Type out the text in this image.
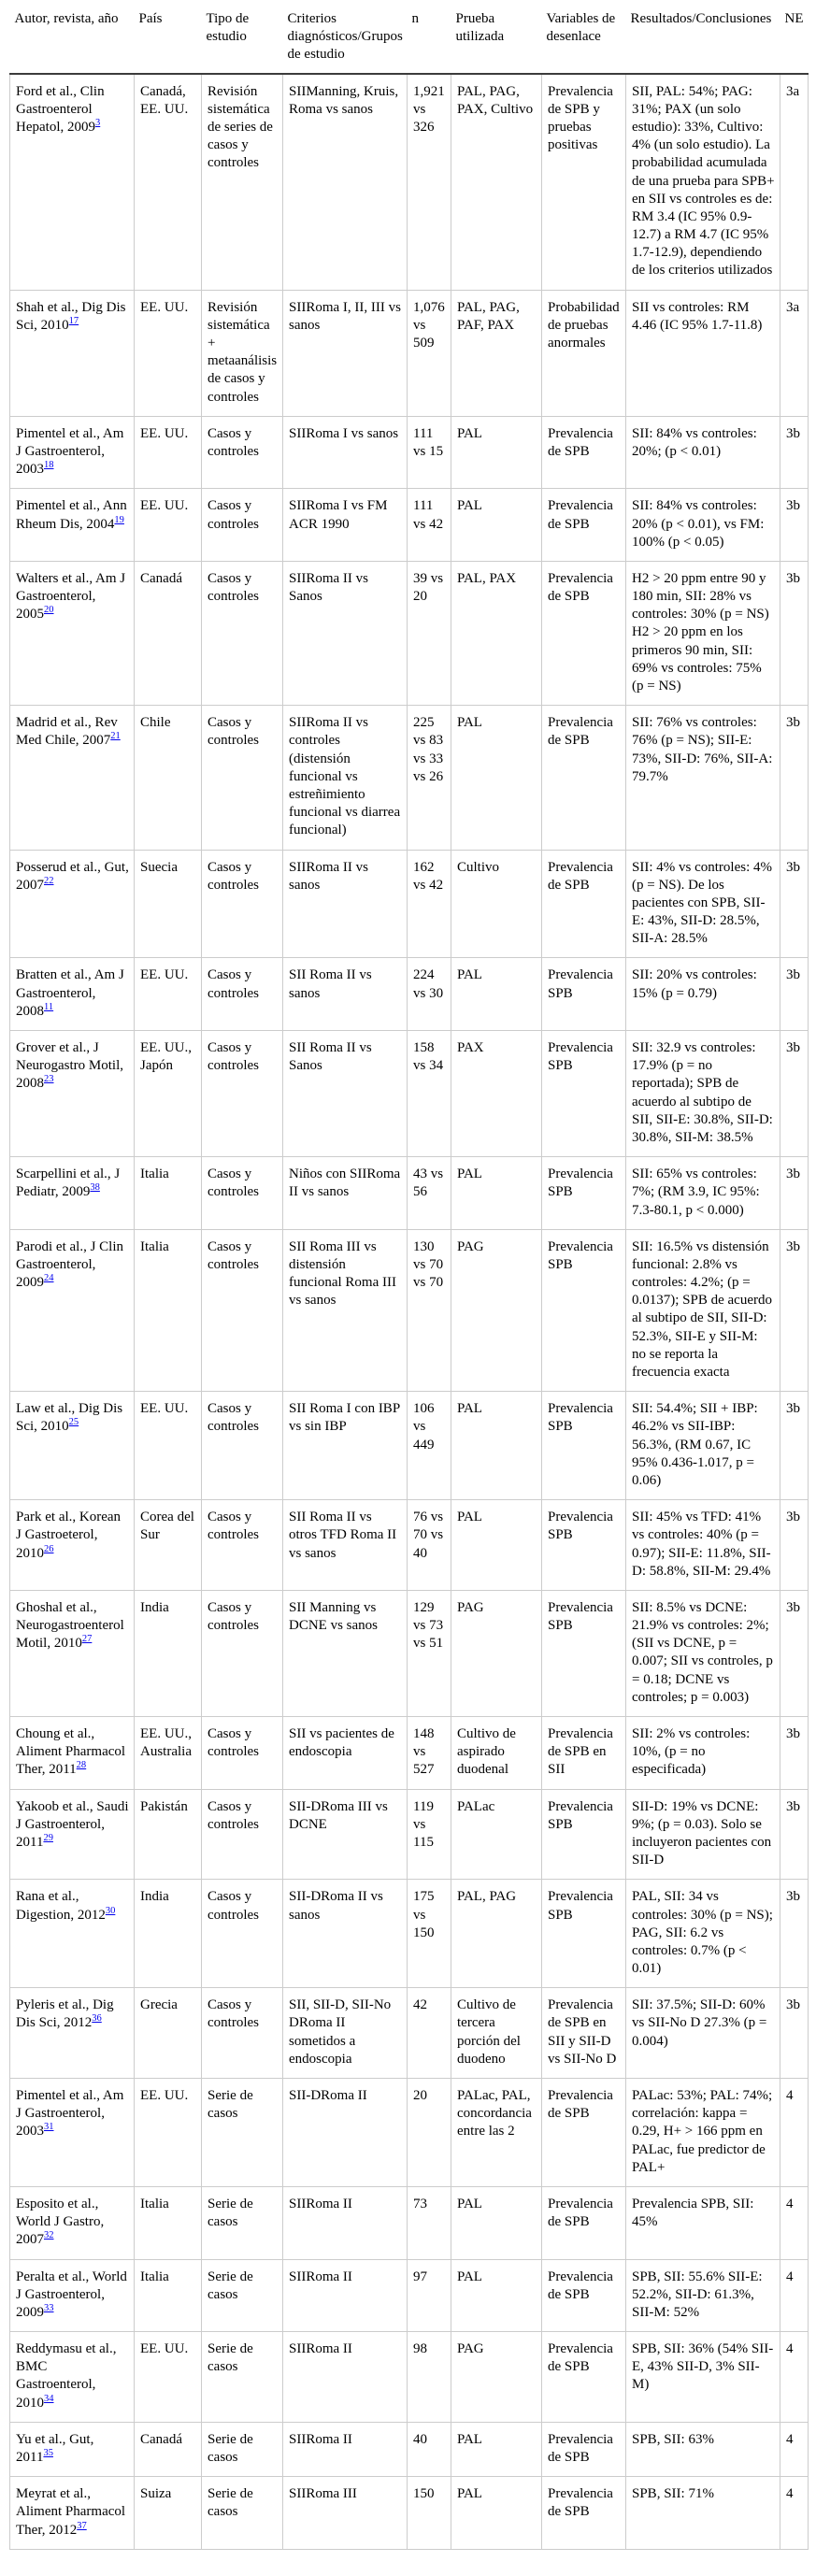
Autor, revista, año	País	Tipo de estudio	Criterios diagnósticos/Grupos de estudio	n	Prueba utilizada	Variables de desenlace	Resultados/Conclusiones	NE
Ford et al., Clin Gastroenterol Hepatol, 2009$^3$	Canadá, EE. UU.	Revisión sistemática de series de casos y controles	SIIManning, Kruis, Roma vs sanos	1,921 vs 326	PAL, PAG, PAX, Cultivo	Prevalencia de SPB y pruebas positivas	SII, PAL: 54%; PAG: 31%; PAX (un solo estudio): 33%, Cultivo: 4% (un solo estudio). La probabilidad acumulada de una prueba para SPB+ en SII vs controles es de: RM 3.4 (IC 95% 0.9-12.7) a RM 4.7 (IC 95% 1.7-12.9), dependiendo de los criterios utilizados	3a
Shah et al., Dig Dis Sci, 2010$^{17}$	EE. UU.	Revisión sistemática + metaanálisis de casos y controles	SIIRoma I, II, III vs sanos	1,076 vs 509	PAL, PAG, PAF, PAX	Probabilidad de pruebas anormales	SII vs controles: RM 4.46 (IC 95% 1.7-11.8)	3a
Pimentel et al., Am J Gastroenterol, 2003$^{18}$	EE. UU.	Casos y controles	SIIRoma I vs sanos	111 vs 15	PAL	Prevalencia de SPB	SII: 84% vs controles: 20%; (p < 0.01)	3b
Pimentel et al., Ann Rheum Dis, 2004$^{19}$	EE. UU.	Casos y controles	SIIRoma I vs FM ACR 1990	111 vs 42	PAL	Prevalencia de SPB	SII: 84% vs controles: 20% (p < 0.01), vs FM: 100% (p < 0.05)	3b
Walters et al., Am J Gastroenterol, 2005$^{20}$	Canadá	Casos y controles	SIIRoma II vs Sanos	39 vs 20	PAL, PAX	Prevalencia de SPB	H2 > 20 ppm entre 90 y 180 min, SII: 28% vs controles: 30% (p = NS) H2 > 20 ppm en los primeros 90 min, SII: 69% vs controles: 75% (p = NS)	3b
Madrid et al., Rev Med Chile, 2007$^{21}$	Chile	Casos y controles	SIIRoma II vs controles (distensión funcional vs estreñimiento funcional vs diarrea funcional)	225 vs 83 vs 33 vs 26	PAL	Prevalencia de SPB	SII: 76% vs controles: 76% (p = NS); SII-E: 73%, SII-D: 76%, SII-A: 79.7%	3b
Posserud et al., Gut, 2007$^{22}$	Suecia	Casos y controles	SIIRoma II vs sanos	162 vs 42	Cultivo	Prevalencia de SPB	SII: 4% vs controles: 4% (p = NS). De los pacientes con SPB, SII-E: 43%, SII-D: 28.5%, SII-A: 28.5%	3b
Bratten et al., Am J Gastroenterol, 2008$^{11}$	EE. UU.	Casos y controles	SII Roma II vs sanos	224 vs 30	PAL	Prevalencia SPB	SII: 20% vs controles: 15% (p = 0.79)	3b
Grover et al., J Neurogastro Motil, 2008$^{23}$	EE. UU., Japón	Casos y controles	SII Roma II vs Sanos	158 vs 34	PAX	Prevalencia SPB	SII: 32.9 vs controles: 17.9% (p = no reportada); SPB de acuerdo al subtipo de SII, SII-E: 30.8%, SII-D: 30.8%, SII-M: 38.5%	3b
Scarpellini et al., J Pediatr, 2009$^{38}$	Italia	Casos y controles	Niños con SIIRoma II vs sanos	43 vs 56	PAL	Prevalencia SPB	SII: 65% vs controles: 7%; (RM 3.9, IC 95%: 7.3-80.1, p < 0.000)	3b
Parodi et al., J Clin Gastroenterol, 2009$^{24}$	Italia	Casos y controles	SII Roma III vs distensión funcional Roma III vs sanos	130 vs 70 vs 70	PAG	Prevalencia SPB	SII: 16.5% vs distensión funcional: 2.8% vs controles: 4.2%; (p = 0.0137); SPB de acuerdo al subtipo de SII, SII-D: 52.3%, SII-E y SII-M: no se reporta la frecuencia exacta	3b
Law et al., Dig Dis Sci, 2010$^{25}$	EE. UU.	Casos y controles	SII Roma I con IBP vs sin IBP	106 vs 449	PAL	Prevalencia SPB	SII: 54.4%; SII + IBP: 46.2% vs SII-IBP: 56.3%, (RM 0.67, IC 95% 0.436-1.017, p = 0.06)	3b
Park et al., Korean J Gastroeterol, 2010$^{26}$	Corea del Sur	Casos y controles	SII Roma II vs otros TFD Roma II vs sanos	76 vs 70 vs 40	PAL	Prevalencia SPB	SII: 45% vs TFD: 41% vs controles: 40% (p = 0.97); SII-E: 11.8%, SII-D: 58.8%, SII-M: 29.4%	3b
Ghoshal et al., Neurogastroenterol Motil, 2010$^{27}$	India	Casos y controles	SII Manning vs DCNE vs sanos	129 vs 73 vs 51	PAG	Prevalencia SPB	SII: 8.5% vs DCNE: 21.9% vs controles: 2%; (SII vs DCNE, p = 0.007; SII vs controles, p = 0.18; DCNE vs controles; p = 0.003)	3b
Choung et al., Aliment Pharmacol Ther, 2011$^{28}$	EE. UU., Australia	Casos y controles	SII vs pacientes de endoscopia	148 vs 527	Cultivo de aspirado duodenal	Prevalencia de SPB en SII	SII: 2% vs controles: 10%, (p = no especificada)	3b
Yakoob et al., Saudi J Gastroenterol, 2011$^{29}$	Pakistán	Casos y controles	SII-DRoma III vs DCNE	119 vs 115	PALac	Prevalencia SPB	SII-D: 19% vs DCNE: 9%; (p = 0.03). Solo se incluyeron pacientes con SII-D	3b
Rana et al., Digestion, 2012$^{30}$	India	Casos y controles	SII-DRoma II vs sanos	175 vs 150	PAL, PAG	Prevalencia SPB	PAL, SII: 34 vs controles: 30% (p = NS); PAG, SII: 6.2 vs controles: 0.7% (p < 0.01)	3b
Pyleris et al., Dig Dis Sci, 2012$^{36}$	Grecia	Casos y controles	SII, SII-D, SII-No DRoma II sometidos a endoscopia	42	Cultivo de tercera porción del duodeno	Prevalencia de SPB en SII y SII-D vs SII-No D	SII: 37.5%; SII-D: 60% vs SII-No D 27.3% (p = 0.004)	3b
Pimentel et al., Am J Gastroenterol, 2003$^{31}$	EE. UU.	Serie de casos	SII-DRoma II	20	PALac, PAL, concordancia entre las 2	Prevalencia de SPB	PALac: 53%; PAL: 74%; correlación: kappa = 0.29, H+ > 166 ppm en PALac, fue predictor de PAL+	4
Esposito et al., World J Gastro, 2007$^{32}$	Italia	Serie de casos	SIIRoma II	73	PAL	Prevalencia de SPB	Prevalencia SPB, SII: 45%	4
Peralta et al., World J Gastroenterol, 2009$^{33}$	Italia	Serie de casos	SIIRoma II	97	PAL	Prevalencia de SPB	SPB, SII: 55.6% SII-E: 52.2%, SII-D: 61.3%, SII-M: 52%	4
Reddymasu et al., BMC Gastroenterol, 2010$^{34}$	EE. UU.	Serie de casos	SIIRoma II	98	PAG	Prevalencia de SPB	SPB, SII: 36% (54% SII-E, 43% SII-D, 3% SII-M)	4
Yu et al., Gut, 2011$^{35}$	Canadá	Serie de casos	SIIRoma II	40	PAL	Prevalencia de SPB	SPB, SII: 63%	4
Meyrat et al., Aliment Pharmacol Ther, 2012$^{37}$	Suiza	Serie de casos	SIIRoma III	150	PAL	Prevalencia de SPB	SPB, SII: 71%	4
